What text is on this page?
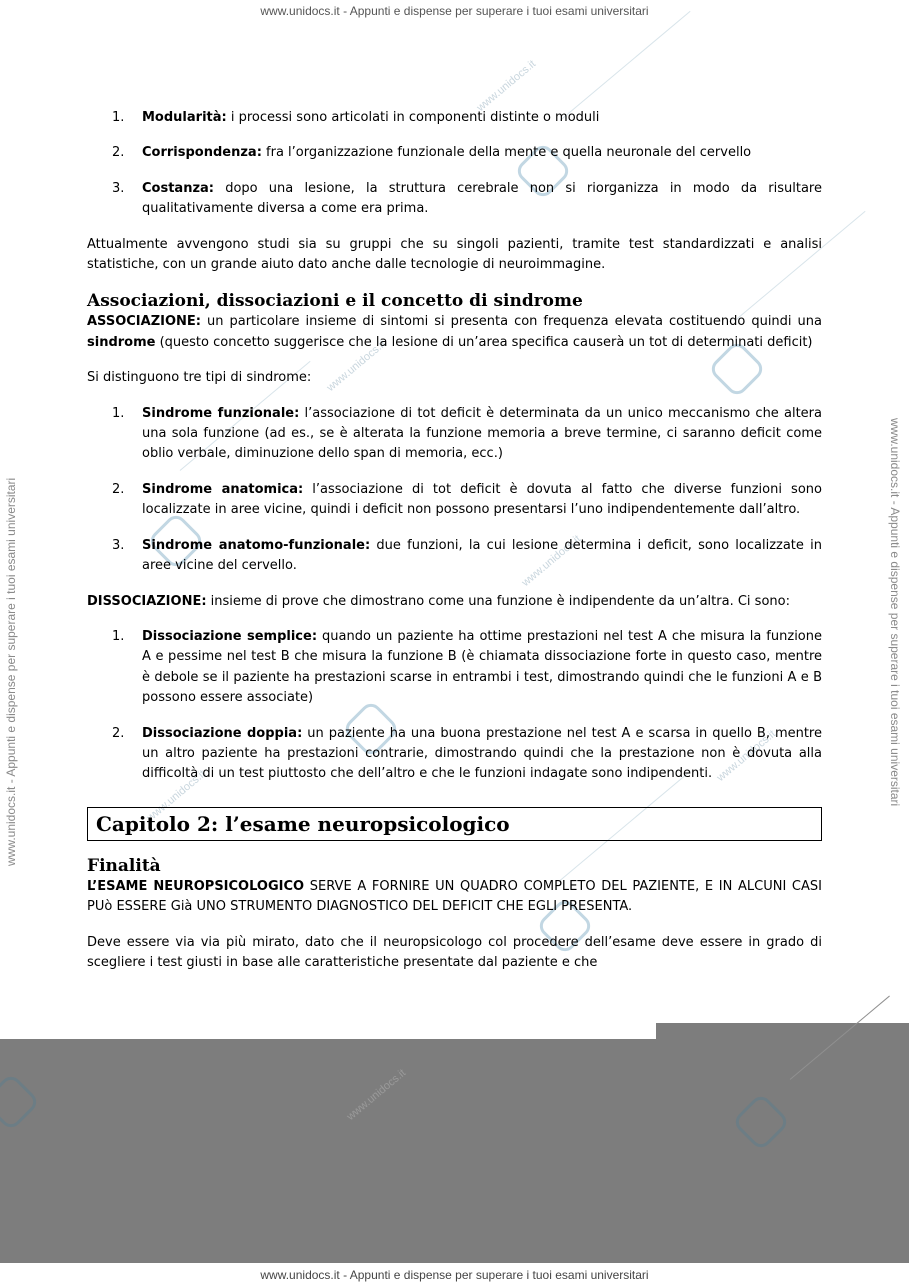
www.unidocs.it - Appunti e dispense per superare i tuoi esami universitari
www.unidocs.it - Appunti e dispense per superare i tuoi esami universitari	www.unidocs.it - Appunti e dispense per superare i tuoi esami universitari
www.unidocs.it
www.unidocs.it
www.unidocs.it
www.unidocs.it
www.unidocs.it
1. Modularità: i processi sono articolati in componenti distinte o moduli
2. Corrispondenza: fra l’organizzazione funzionale della mente e quella neuronale del cervello
3. Costanza: dopo una lesione, la struttura cerebrale non si riorganizza in modo da risultare qualitativamente diversa a come era prima.

Attualmente avvengono studi sia su gruppi che su singoli pazienti, tramite test standardizzati e analisi statistiche, con un grande aiuto dato anche dalle tecnologie di neuroimmagine.

Associazioni, dissociazioni e il concetto di sindrome

ASSOCIAZIONE: un particolare insieme di sintomi si presenta con frequenza elevata costituendo quindi una sindrome (questo concetto suggerisce che la lesione di un’area specifica causerà un tot di determinati deficit)

Si distinguono tre tipi di sindrome:

1. Sindrome funzionale: l’associazione di tot deficit è determinata da un unico meccanismo che altera una sola funzione (ad es., se è alterata la funzione memoria a breve termine, ci saranno deficit come oblio verbale, diminuzione dello span di memoria, ecc.)
2. Sindrome anatomica: l’associazione di tot deficit è dovuta al fatto che diverse funzioni sono localizzate in aree vicine, quindi i deficit non possono presentarsi l’uno indipendentemente dall’altro.
3. Sindrome anatomo-funzionale: due funzioni, la cui lesione determina i deficit, sono localizzate in aree vicine del cervello.

DISSOCIAZIONE: insieme di prove che dimostrano come una funzione è indipendente da un’altra. Ci sono:

1. Dissociazione semplice: quando un paziente ha ottime prestazioni nel test A che misura la funzione A e pessime nel test B che misura la funzione B (è chiamata dissociazione forte in questo caso, mentre è debole se il paziente ha prestazioni scarse in entrambi i test, dimostrando quindi che le funzioni A e B possono essere associate)
2. Dissociazione doppia: un paziente ha una buona prestazione nel test A e scarsa in quello B, mentre un altro paziente ha prestazioni contrarie, dimostrando quindi che la prestazione non è dovuta alla difficoltà di un test piuttosto che dell’altro e che le funzioni indagate sono indipendenti.
Capitolo 2: l’esame neuropsicologico
Finalità

L’ESAME NEUROPSICOLOGICO SERVE A FORNIRE UN QUADRO COMPLETO DEL PAZIENTE, E IN ALCUNI CASI PUò ESSERE Già UNO STRUMENTO DIAGNOSTICO DEL DEFICIT CHE EGLI PRESENTA.

Deve essere via via più mirato, dato che il neuropsicologo col procedere dell’esame deve essere in grado di scegliere i test giusti in base alle caratteristiche presentate dal paziente e che

www.unidocs.it
www.unidocs.it - Appunti e dispense per superare i tuoi esami universitari
